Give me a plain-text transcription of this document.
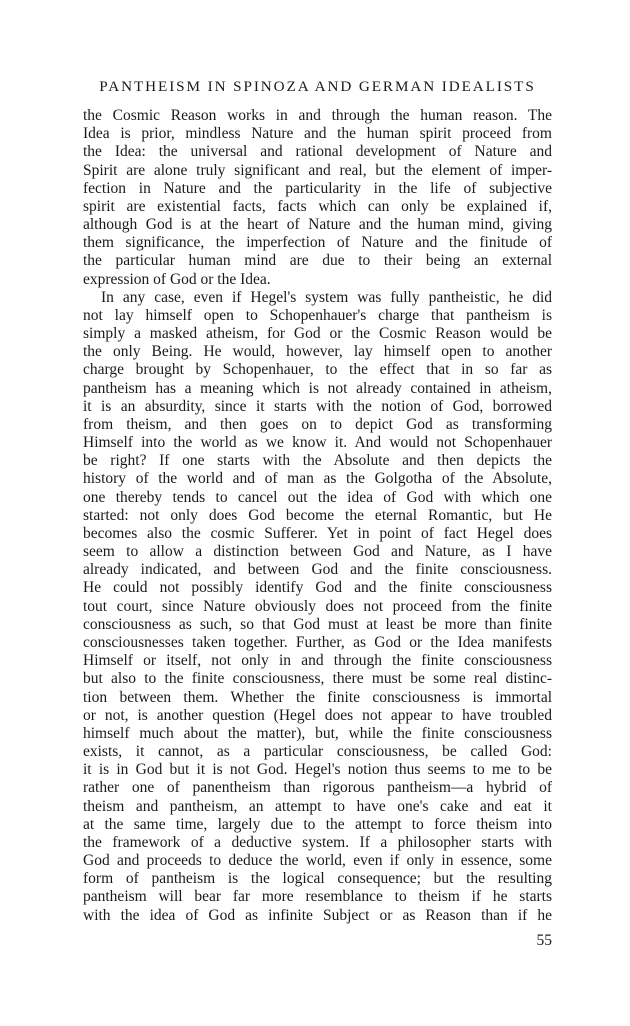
PANTHEISM IN SPINOZA AND GERMAN IDEALISTS
the Cosmic Reason works in and through the human reason. The
Idea is prior, mindless Nature and the human spirit proceed from
the Idea: the universal and rational development of Nature and
Spirit are alone truly significant and real, but the element of imper-
fection in Nature and the particularity in the life of subjective
spirit are existential facts, facts which can only be explained if,
although God is at the heart of Nature and the human mind, giving
them significance, the imperfection of Nature and the finitude of
the particular human mind are due to their being an external
expression of God or the Idea.
In any case, even if Hegel's system was fully pantheistic, he did
not lay himself open to Schopenhauer's charge that pantheism is
simply a masked atheism, for God or the Cosmic Reason would be
the only Being. He would, however, lay himself open to another
charge brought by Schopenhauer, to the effect that in so far as
pantheism has a meaning which is not already contained in atheism,
it is an absurdity, since it starts with the notion of God, borrowed
from theism, and then goes on to depict God as transforming
Himself into the world as we know it. And would not Schopenhauer
be right? If one starts with the Absolute and then depicts the
history of the world and of man as the Golgotha of the Absolute,
one thereby tends to cancel out the idea of God with which one
started: not only does God become the eternal Romantic, but He
becomes also the cosmic Sufferer. Yet in point of fact Hegel does
seem to allow a distinction between God and Nature, as I have
already indicated, and between God and the finite consciousness.
He could not possibly identify God and the finite consciousness
tout court, since Nature obviously does not proceed from the finite
consciousness as such, so that God must at least be more than finite
consciousnesses taken together. Further, as God or the Idea manifests
Himself or itself, not only in and through the finite consciousness
but also to the finite consciousness, there must be some real distinc-
tion between them. Whether the finite consciousness is immortal
or not, is another question (Hegel does not appear to have troubled
himself much about the matter), but, while the finite consciousness
exists, it cannot, as a particular consciousness, be called God:
it is in God but it is not God. Hegel's notion thus seems to me to be
rather one of panentheism than rigorous pantheism—a hybrid of
theism and pantheism, an attempt to have one's cake and eat it
at the same time, largely due to the attempt to force theism into
the framework of a deductive system. If a philosopher starts with
God and proceeds to deduce the world, even if only in essence, some
form of pantheism is the logical consequence; but the resulting
pantheism will bear far more resemblance to theism if he starts
with the idea of God as infinite Subject or as Reason than if he
55
